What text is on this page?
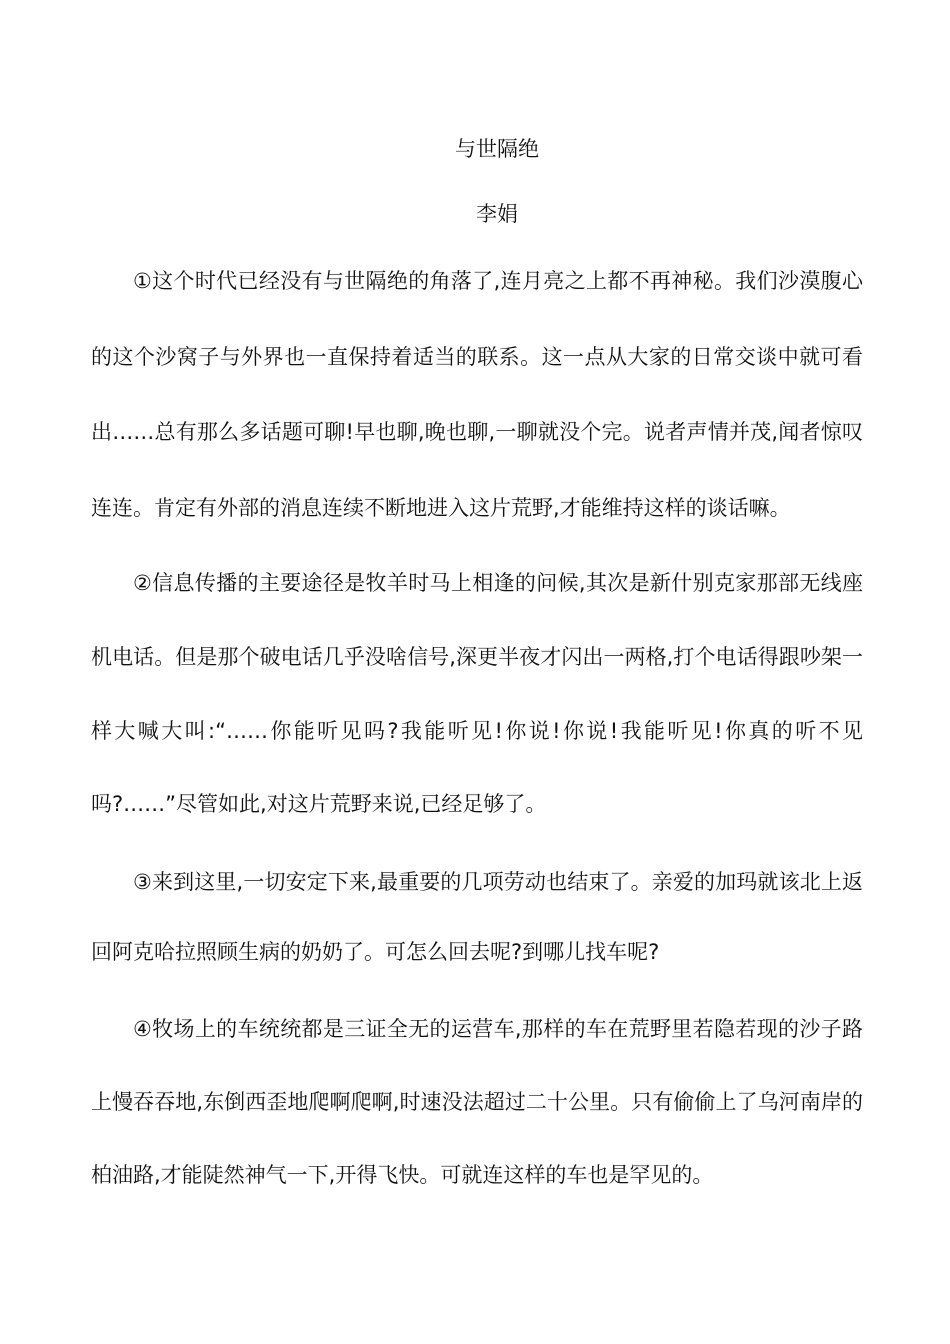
与世隔绝
李娟

①这个时代已经没有与世隔绝的角落了,连月亮之上都不再神秘。我们沙漠腹心的这个沙窝子与外界也一直保持着适当的联系。这一点从大家的日常交谈中就可看出……总有那么多话题可聊!早也聊,晚也聊,一聊就没个完。说者声情并茂,闻者惊叹连连。肯定有外部的消息连续不断地进入这片荒野,才能维持这样的谈话嘛。

②信息传播的主要途径是牧羊时马上相逢的问候,其次是新什别克家那部无线座机电话。但是那个破电话几乎没啥信号,深更半夜才闪出一两格,打个电话得跟吵架一样大喊大叫:“……你能听见吗?我能听见!你说!你说!我能听见!你真的听不见吗?……”尽管如此,对这片荒野来说,已经足够了。

③来到这里,一切安定下来,最重要的几项劳动也结束了。亲爱的加玛就该北上返回阿克哈拉照顾生病的奶奶了。可怎么回去呢?到哪儿找车呢?

④牧场上的车统统都是三证全无的运营车,那样的车在荒野里若隐若现的沙子路上慢吞吞地,东倒西歪地爬啊爬啊,时速没法超过二十公里。只有偷偷上了乌河南岸的柏油路,才能陡然神气一下,开得飞快。可就连这样的车也是罕见的。
